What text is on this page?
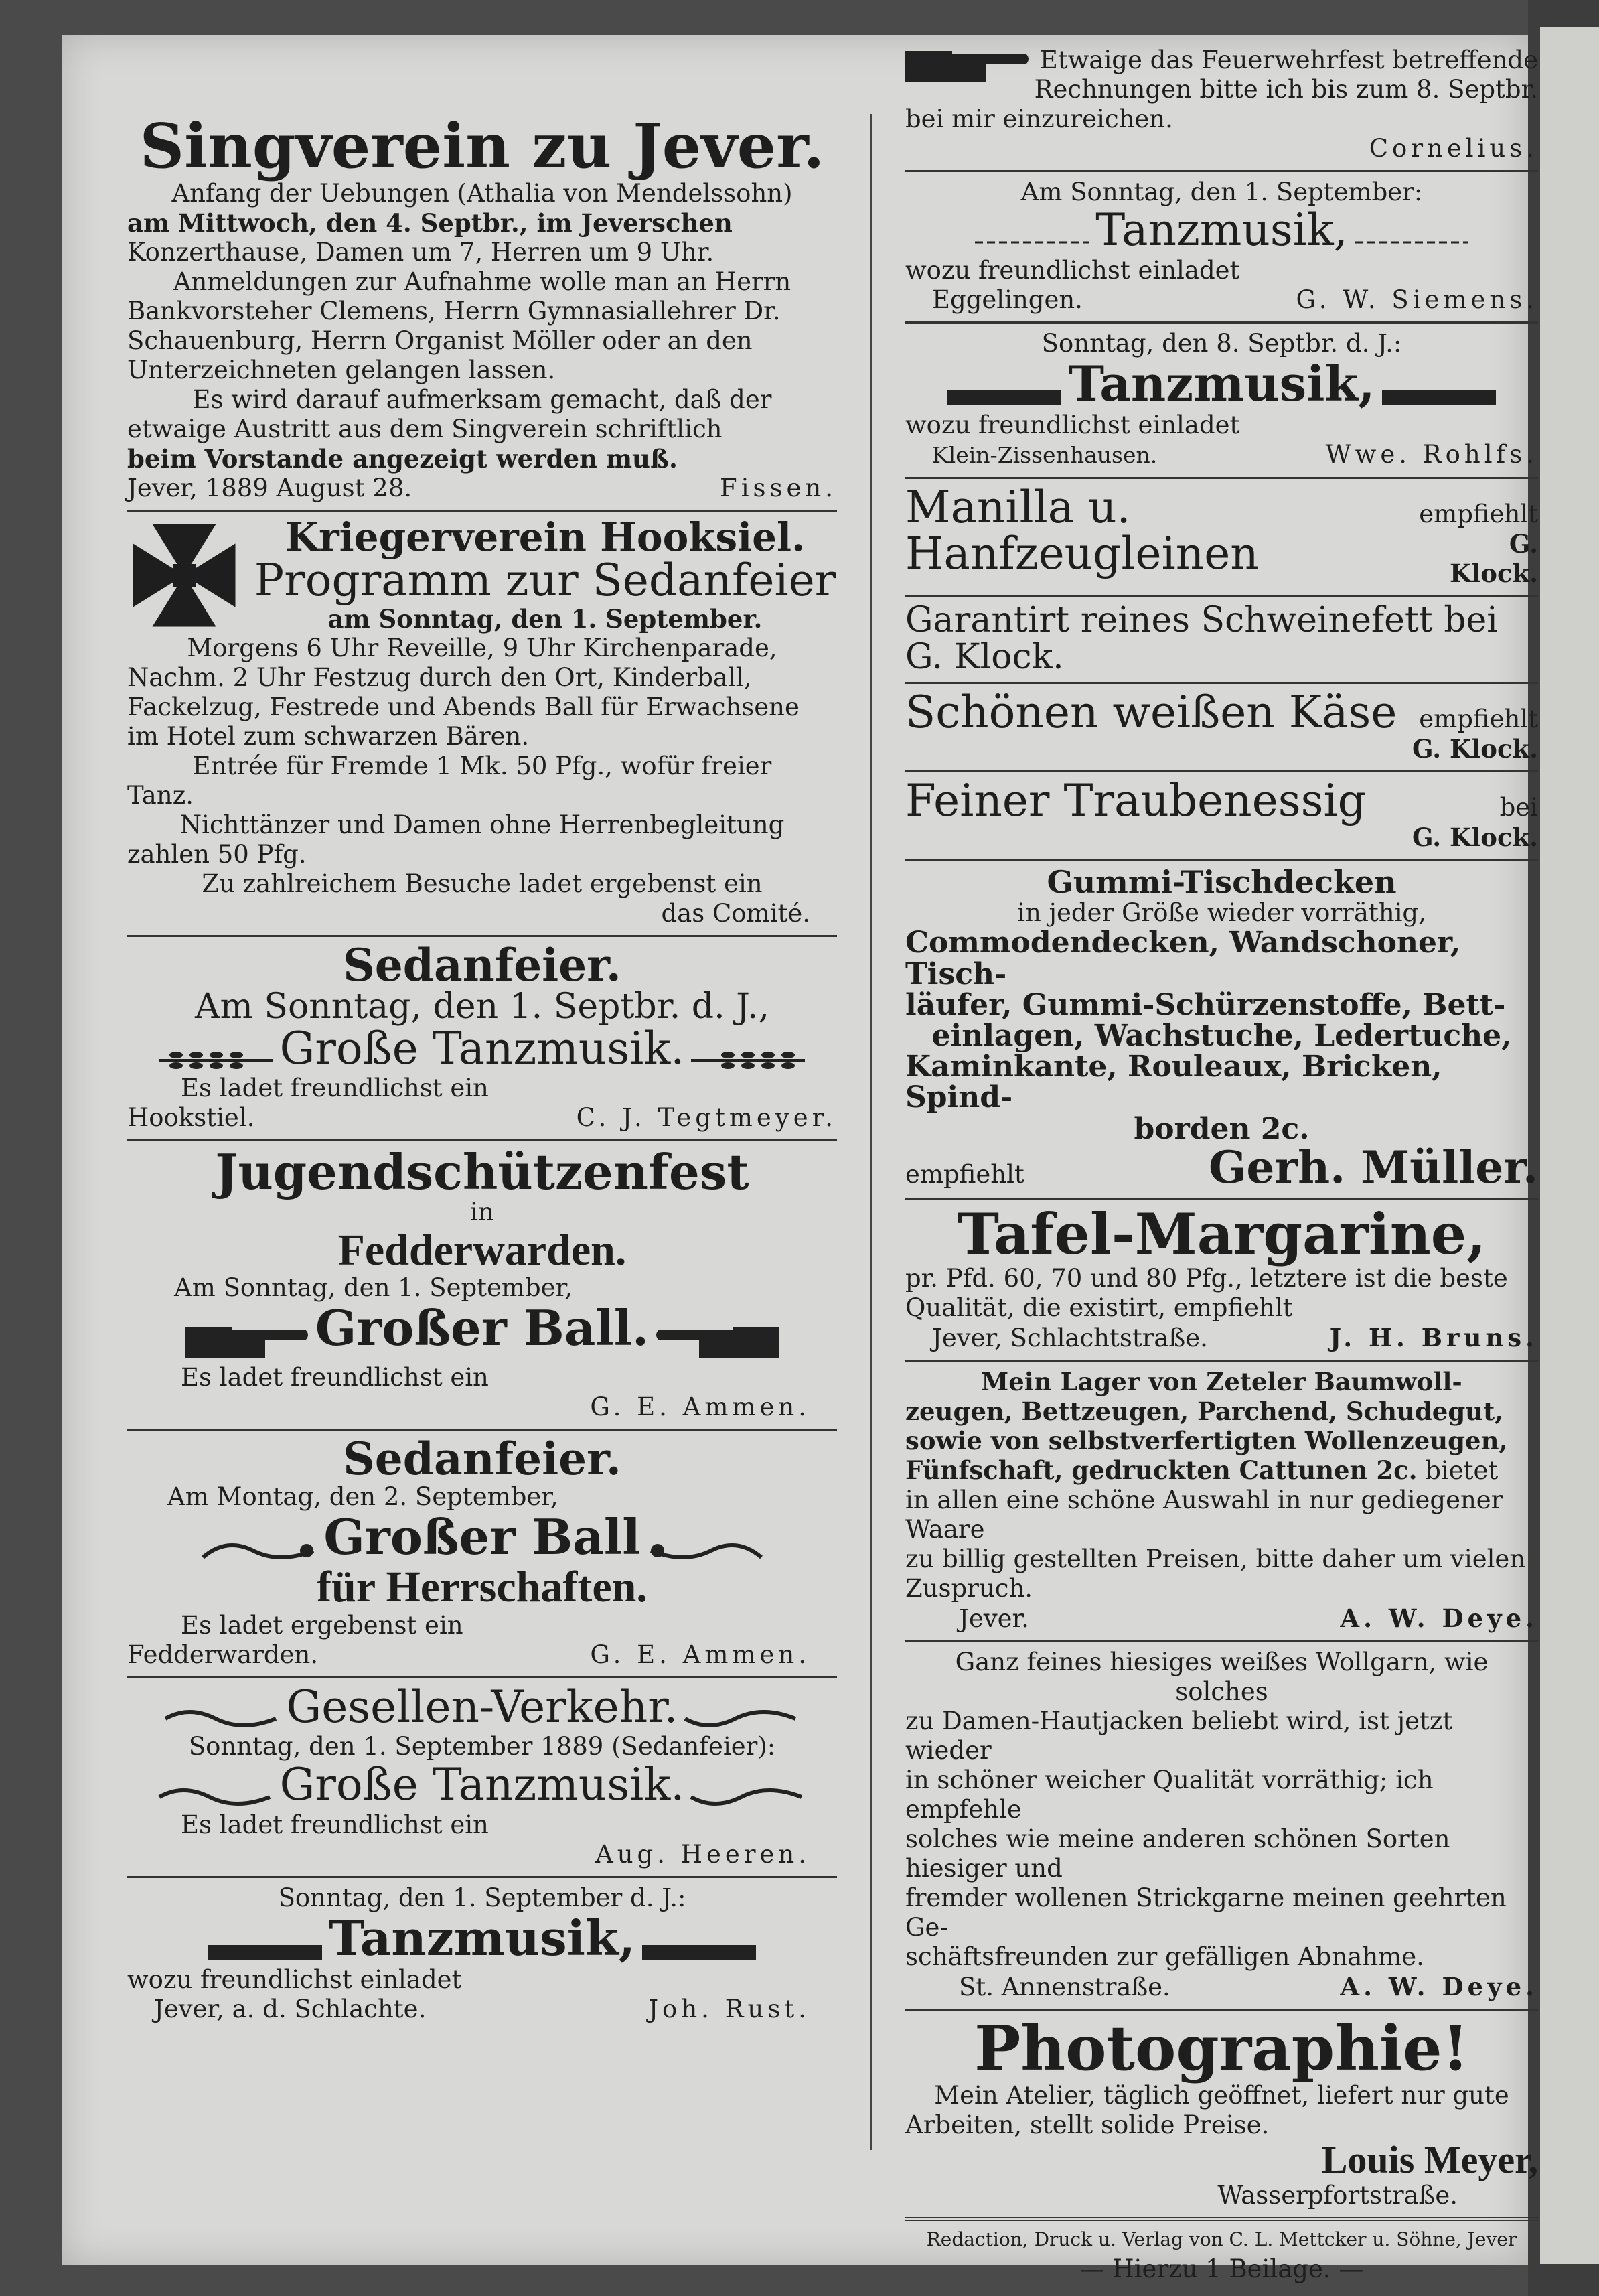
Singverein zu Jever.

Anfang der Uebungen (Athalia von Mendelssohn)

am Mittwoch, den 4. Septbr., im Jeverschen

Konzerthause, Damen um 7, Herren um 9 Uhr.

Anmeldungen zur Aufnahme wolle man an Herrn

Bankvorsteher Clemens, Herrn Gymnasiallehrer Dr.

Schauenburg, Herrn Organist Möller oder an den

Unterzeichneten gelangen lassen.

Es wird darauf aufmerksam gemacht, daß der

etwaige Austritt aus dem Singverein schriftlich

beim Vorstande angezeigt werden muß.

Jever, 1889 August 28.	Fissen.

Kriegerverein Hooksiel.

Programm zur Sedanfeier

am Sonntag, den 1. September.

Morgens 6 Uhr Reveille, 9 Uhr Kirchenparade,

Nachm. 2 Uhr Festzug durch den Ort, Kinderball,

Fackelzug, Festrede und Abends Ball für Erwachsene

im Hotel zum schwarzen Bären.

Entrée für Fremde 1 Mk. 50 Pfg., wofür freier

Tanz.

Nichttänzer und Damen ohne Herrenbegleitung

zahlen 50 Pfg.

Zu zahlreichem Besuche ladet ergebenst ein

das Comité.

Sedanfeier.

Am Sonntag, den 1. Septbr. d. J.,

Große Tanzmusik.

Es ladet freundlichst ein

Hookstiel.	C. J. Tegtmeyer.

Jugendschützenfest

in

Fedderwarden.

Am Sonntag, den 1. September,

Großer Ball.

Es ladet freundlichst ein

G. E. Ammen.

Sedanfeier.

Am Montag, den 2. September,

Großer Ball

für Herrschaften.

Es ladet ergebenst ein

Fedderwarden.	G. E. Ammen.
Gesellen-Verkehr.

Sonntag, den 1. September 1889 (Sedanfeier):

Große Tanzmusik.

Es ladet freundlichst ein

Aug. Heeren.

Sonntag, den 1. September d. J.:

Tanzmusik,

wozu freundlichst einladet

Jever, a. d. Schlachte.	Joh. Rust.

Etwaige das Feuerwehrfest betreffende

Rechnungen bitte ich bis zum 8. Septbr.

bei mir einzureichen.

Cornelius.

Am Sonntag, den 1. September:

Tanzmusik,

wozu freundlichst einladet

Eggelingen.	G. W. Siemens.

Sonntag, den 8. Septbr. d. J.:

Tanzmusik,

wozu freundlichst einladet

Klein-Zissenhausen.	Wwe. Rohlfs.
Manilla u. Hanfzeugleinen
empfiehlt
G. Klock.

Garantirt reines Schweinefett bei G. Klock.

Schönen weißen Käse empfiehlt
G. Klock.
Feiner Traubenessig	bei
G. Klock.

Gummi-Tischdecken

in jeder Größe wieder vorräthig,

Commodendecken, Wandschoner, Tisch-

läufer, Gummi-Schürzenstoffe, Bett-

einlagen, Wachstuche, Ledertuche,

Kaminkante, Rouleaux, Bricken, Spind-

borden 2c.

empfiehlt	Gerh. Müller.

Tafel-Margarine,

pr. Pfd. 60, 70 und 80 Pfg., letztere ist die beste

Qualität, die existirt, empfiehlt

Jever, Schlachtstraße.	J. H. Bruns.

Mein Lager von Zeteler Baumwoll-

zeugen, Bettzeugen, Parchend, Schudegut,

sowie von selbstverfertigten Wollenzeugen,

Fünfschaft, gedruckten Cattunen 2c. bietet

in allen eine schöne Auswahl in nur gediegener Waare

zu billig gestellten Preisen, bitte daher um vielen

Zuspruch.

Jever.	A. W. Deye.

Ganz feines hiesiges weißes Wollgarn, wie solches

zu Damen-Hautjacken beliebt wird, ist jetzt wieder

in schöner weicher Qualität vorräthig; ich empfehle

solches wie meine anderen schönen Sorten hiesiger und

fremder wollenen Strickgarne meinen geehrten Ge-

schäftsfreunden zur gefälligen Abnahme.

St. Annenstraße.	A. W. Deye.

Photographie!

Mein Atelier, täglich geöffnet, liefert nur gute

Arbeiten, stellt solide Preise.

Louis Meyer,

Wasserpfortstraße.

Redaction, Druck u. Verlag von C. L. Mettcker u. Söhne, Jever

— Hierzu 1 Beilage. —
